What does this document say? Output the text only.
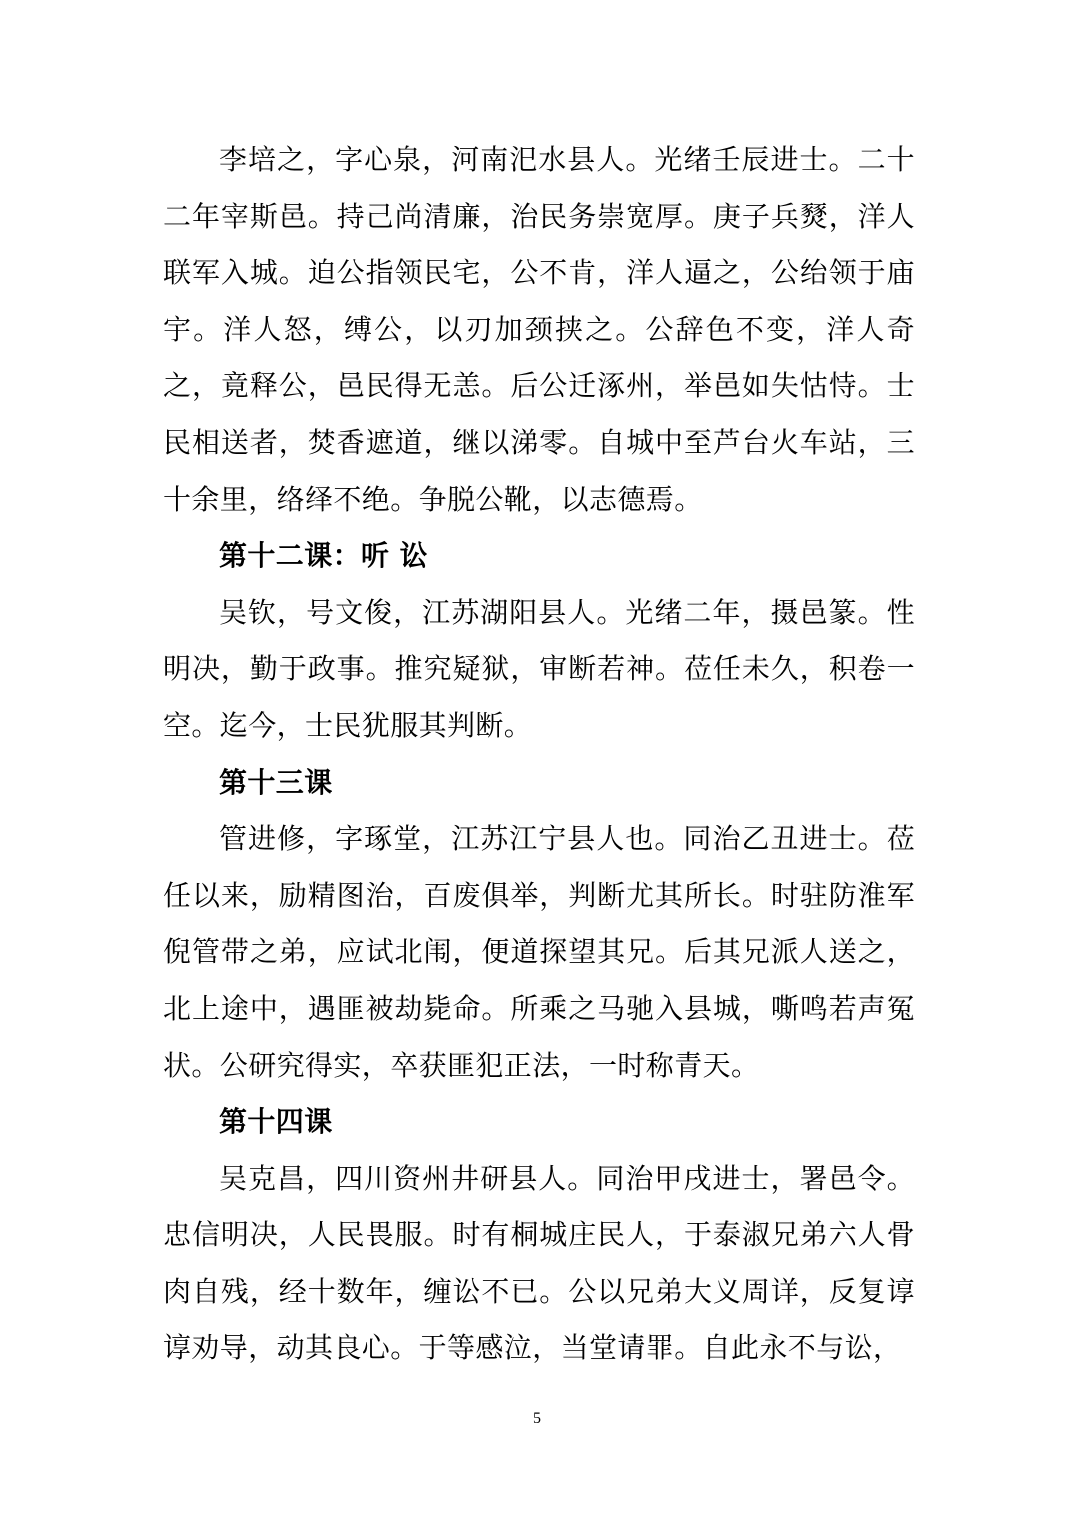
李培之，字心泉，河南汜水县人。光绪壬辰进士。二十二年宰斯邑。持己尚清廉，治民务崇宽厚。庚子兵燹，洋人联军入城。迫公指领民宅，公不肯，洋人逼之，公绐领于庙宇。洋人怒，缚公，以刃加颈挟之。公辞色不变，洋人奇之，竟释公，邑民得无恙。后公迁涿州，举邑如失怙恃。士民相送者，焚香遮道，继以涕零。自城中至芦台火车站，三十余里，络绎不绝。争脱公靴，以志德焉。

第十二课：听 讼

吴钦，号文俊，江苏湖阳县人。光绪二年，摄邑篆。性明决，勤于政事。推究疑狱，审断若神。莅任未久，积卷一空。迄今，士民犹服其判断。

第十三课

管进修，字琢堂，江苏江宁县人也。同治乙丑进士。莅任以来，励精图治，百废俱举，判断尤其所长。时驻防淮军倪管带之弟，应试北闱，便道探望其兄。后其兄派人送之，北上途中，遇匪被劫毙命。所乘之马驰入县城，嘶鸣若声冤状。公研究得实，卒获匪犯正法，一时称青天。

第十四课

吴克昌，四川资州井研县人。同治甲戌进士，署邑令。忠信明决，人民畏服。时有桐城庄民人，于泰淑兄弟六人骨肉自残，经十数年，缠讼不已。公以兄弟大义周详，反复谆谆劝导，动其良心。于等感泣，当堂请罪。自此永不与讼，

5
